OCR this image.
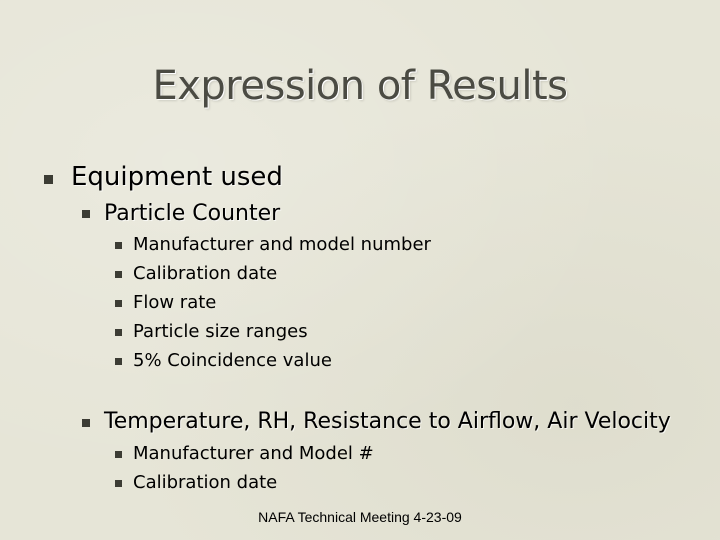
Expression of Results
Equipment used
Particle Counter
Manufacturer and model number
Calibration date
Flow rate
Particle size ranges
5% Coincidence value
Temperature, RH, Resistance to Airflow, Air Velocity
Manufacturer and Model #
Calibration date
NAFA Technical Meeting 4-23-09
